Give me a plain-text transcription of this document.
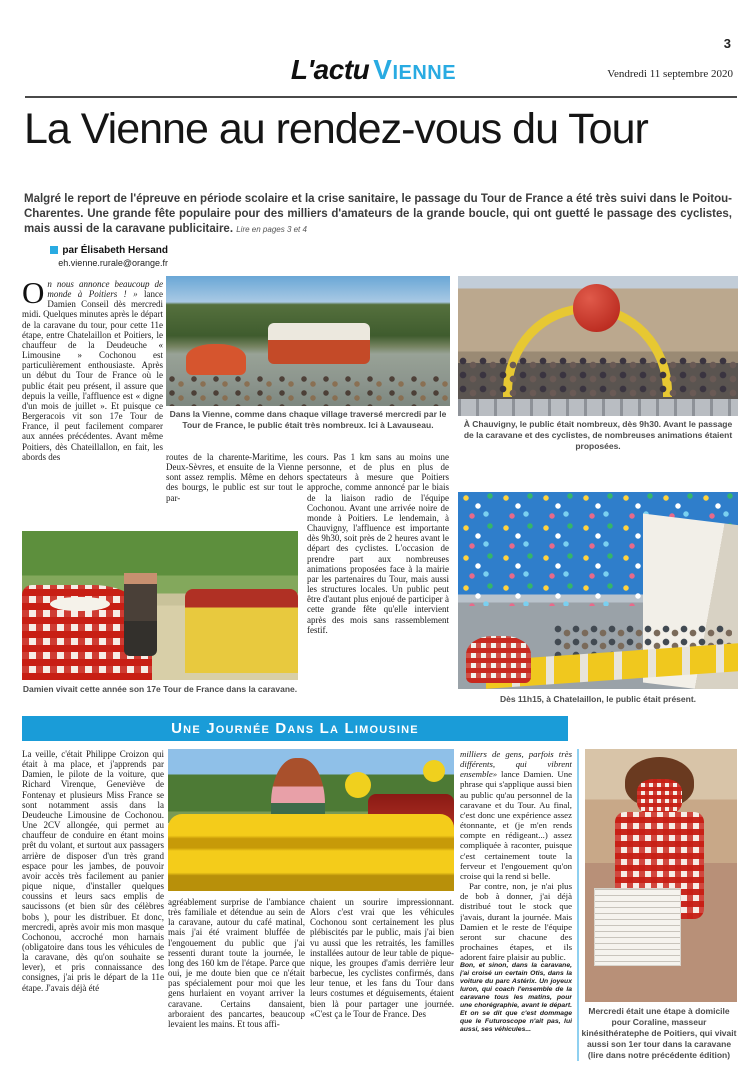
3
L'actu Vienne	Vendredi 11 septembre 2020
La Vienne au rendez-vous du Tour
Malgré le report de l'épreuve en période scolaire et la crise sanitaire, le passage du Tour de France a été très suivi dans le Poitou-Charentes. Une grande fête populaire pour des milliers d'amateurs de la grande boucle, qui ont guetté le passage des cyclistes, mais aussi de la caravane publicitaire. Lire en pages 3 et 4
par Élisabeth Hersand
eh.vienne.rurale@orange.fr

On nous annonce beaucoup de monde à Poitiers ! » lance Damien Conseil dès mercredi midi. Quelques minutes après le départ de la caravane du tour, pour cette 11e étape, entre Chatelaillon et Poitiers, le chauffeur de la Deudeuche « Limousine » Cochonou est particulièrement enthousiaste. Après un début du Tour de France où le public était peu présent, il assure que depuis la veille, l'affluence est « digne d'un mois de juillet ». Et puisque ce Bergeracois vit son 17e Tour de France, il peut facilement comparer aux années précédentes. Avant même Poitiers, dès Chateillallon, en fait, les abords des	routes de la charente-Maritime, les Deux-Sèvres, et ensuite de la Vienne sont assez remplis. Même en dehors des bourgs, le public est sur tout le par-

cours. Pas 1 km sans au moins une personne, et de plus en plus de spectateurs à mesure que Poitiers approche, comme annoncé par le biais de la liaison radio de l'équipe Cochonou. Avant une arrivée noire de monde à Poitiers. Le lendemain, à Chauvigny, l'affluence est importante dès 9h30, soit près de 2 heures avant le départ des cyclistes. L'occasion de prendre part aux nombreuses animations proposées face à la mairie par les partenaires du Tour, mais aussi les structures locales. Un public peut être d'autant plus enjoué de participer à cette grande fête qu'elle intervient après des mois sans rassemblement festif.

Dans la Vienne, comme dans chaque village traversé mercredi par le Tour de France, le public était très nombreux. Ici à Lavauseau.	À Chauvigny, le public était nombreux, dès 9h30. Avant le passage de la caravane et des cyclistes, de nombreuses animations étaient proposées.
Damien vivait cette année son 17e Tour de France dans la caravane.
Dès 11h15, à Chatelaillon, le public était présent.
Une Journée Dans La Limousine

La veille, c'était Philippe Croizon qui était à ma place, et j'apprends par Damien, le pilote de la voiture, que Richard Virenque, Geneviève de Fontenay et plusieurs Miss France se sont notamment assis dans la Deudeuche Limousine de Cochonou. Une 2CV allongée, qui permet au chauffeur de conduire en étant moins prêt du volant, et surtout aux passagers arrière de disposer d'un très grand espace pour les jambes, de pouvoir avoir accès très facilement au panier pique nique, d'installer quelques coussins et leurs sacs emplis de saucissons (et bien sûr des célèbres bobs ), pour les distribuer. Et donc, mercredi, après avoir mis mon masque Cochonou, accroché mon harnais (obligatoire dans tous les véhicules de la caravane, dès qu'on souhaite se lever), et pris connaissance des consignes, j'ai pris le départ de la 11e étape. J'avais déjà été

agréablement surprise de l'ambiance très familiale et détendue au sein de la caravane, autour du café matinal, mais j'ai été vraiment bluffée de l'engouement du public que j'ai ressenti durant toute la journée, le long des 160 km de l'étape. Parce que oui, je me doute bien que ce n'était pas spécialement pour moi que les gens hurlaient en voyant arriver la caravane. Certains dansaient, arboraient des pancartes, beaucoup levaient les mains. Et tous affi-

chaient un sourire impressionnant. Alors c'est vrai que les véhicules Cochonou sont certainement les plus plébiscités par le public, mais j'ai bien vu aussi que les retraités, les familles installées autour de leur table de pique-nique, les groupes d'amis derrière leur barbecue, les cyclistes confirmés, dans leur tenue, et les fans du Tour dans leurs costumes et déguisements, étaient bien là pour partager une journée. «C'est ça le Tour de France. Des

milliers de gens, parfois très différents, qui vibrent ensemble» lance Damien. Une phrase qui s'applique aussi bien au public qu'au personnel de la caravane et du Tour. Au final, c'est donc une expérience assez étonnante, et (je m'en rends compte en rédigeant...) assez compliquée à raconter, puisque c'est certainement toute la ferveur et l'engouement qu'on croise qui la rend si belle.

Par contre, non, je n'ai plus de bob à donner, j'ai déjà distribué tout le stock que j'avais, durant la journée. Mais Damien et le reste de l'équipe seront sur chacune des prochaines étapes, et ils adorent faire plaisir au public.

Bon, et sinon, dans la caravane, j'ai croisé un certain Otis, dans la voiture du parc Astérix. Un joyeux luron, qui coach l'ensemble de la caravane tous les matins, pour une chorégraphie, avant le départ. Et on se dit que c'est dommage que le Futuroscope n'ait pas, lui aussi, ses véhicules...

Mercredi était une étape à domicile pour Coraline, masseur kinésithératephe de Poitiers, qui vivait aussi son 1er tour dans la caravane (lire dans notre précédente édition)
